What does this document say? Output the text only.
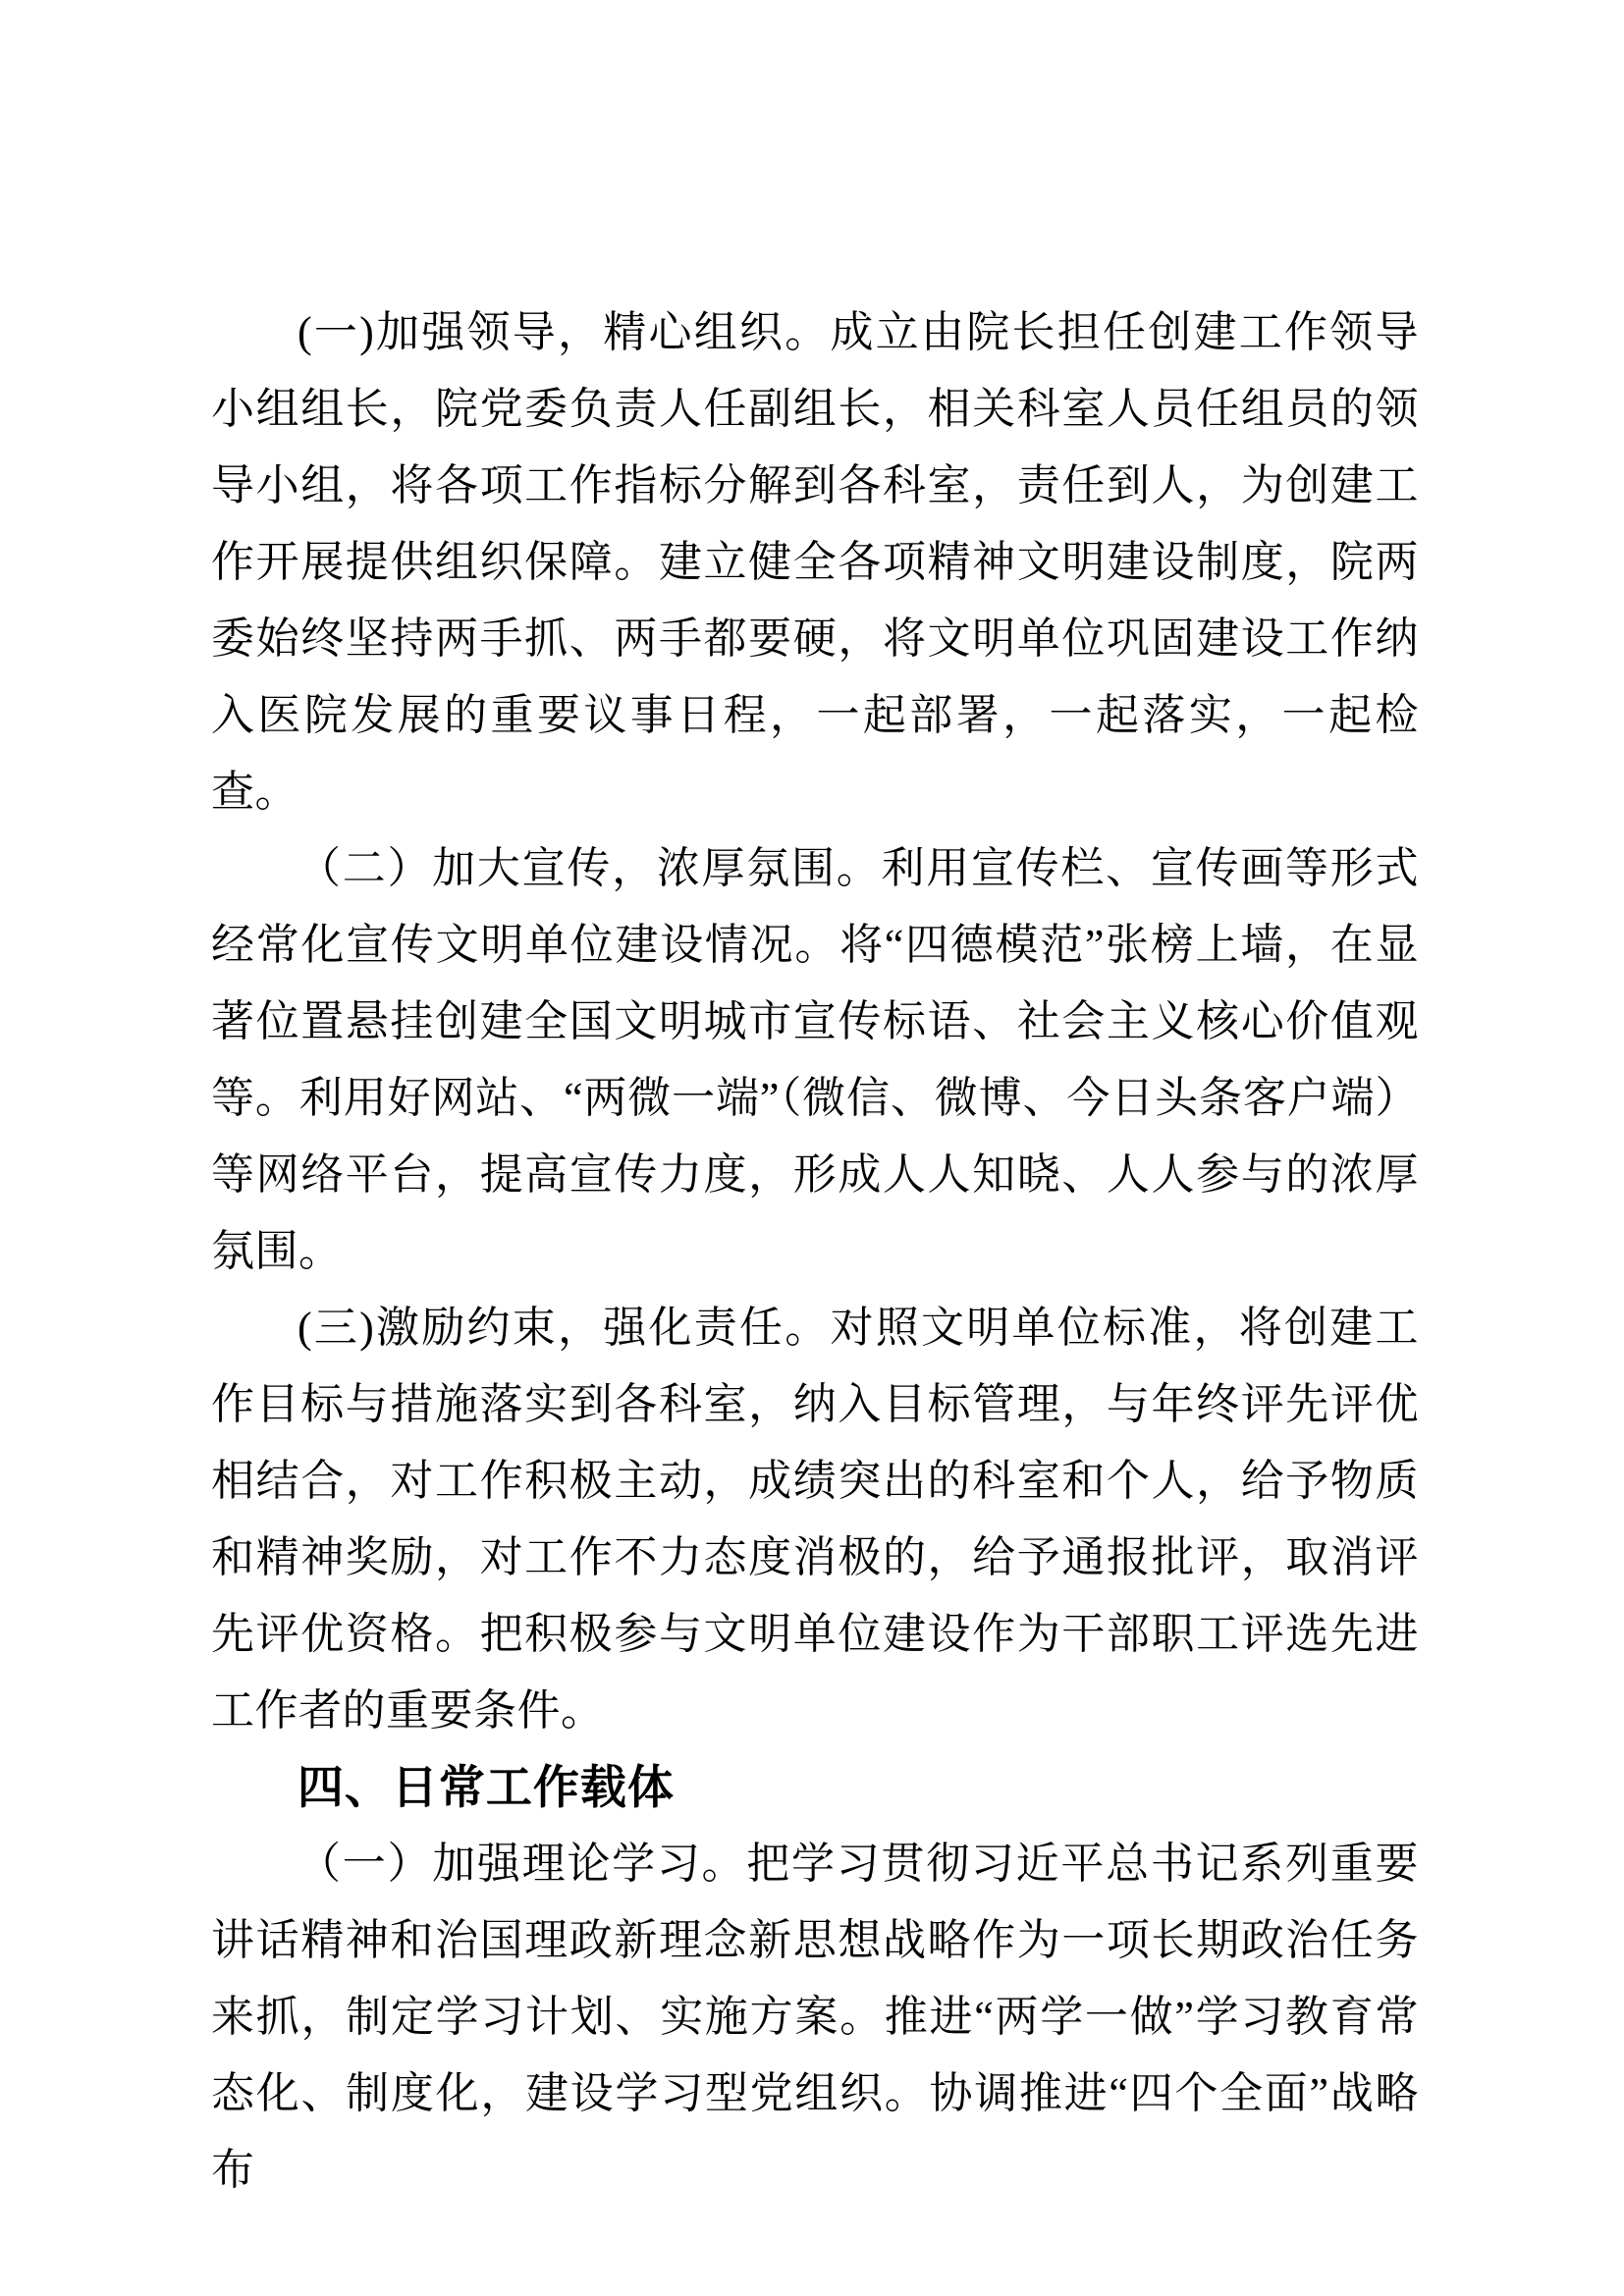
(一)加强领导，精心组织。成立由院长担任创建工作领导小组组长，院党委负责人任副组长，相关科室人员任组员的领导小组，将各项工作指标分解到各科室，责任到人，为创建工作开展提供组织保障。建立健全各项精神文明建设制度，院两委始终坚持两手抓、两手都要硬，将文明单位巩固建设工作纳入医院发展的重要议事日程，一起部署，一起落实，一起检查。

（二）加大宣传，浓厚氛围。利用宣传栏、宣传画等形式经常化宣传文明单位建设情况。将“四德模范”张榜上墙，在显著位置悬挂创建全国文明城市宣传标语、社会主义核心价值观等。利用好网站、“两微一端”（微信、微博、今日头条客户端）等网络平台，提高宣传力度，形成人人知晓、人人参与的浓厚氛围。

(三)激励约束，强化责任。对照文明单位标准，将创建工作目标与措施落实到各科室，纳入目标管理，与年终评先评优相结合，对工作积极主动，成绩突出的科室和个人，给予物质和精神奖励，对工作不力态度消极的，给予通报批评，取消评先评优资格。把积极参与文明单位建设作为干部职工评选先进工作者的重要条件。

四、日常工作载体

（一）加强理论学习。把学习贯彻习近平总书记系列重要讲话精神和治国理政新理念新思想战略作为一项长期政治任务来抓，制定学习计划、实施方案。推进“两学一做”学习教育常态化、制度化，建设学习型党组织。协调推进“四个全面”战略布
